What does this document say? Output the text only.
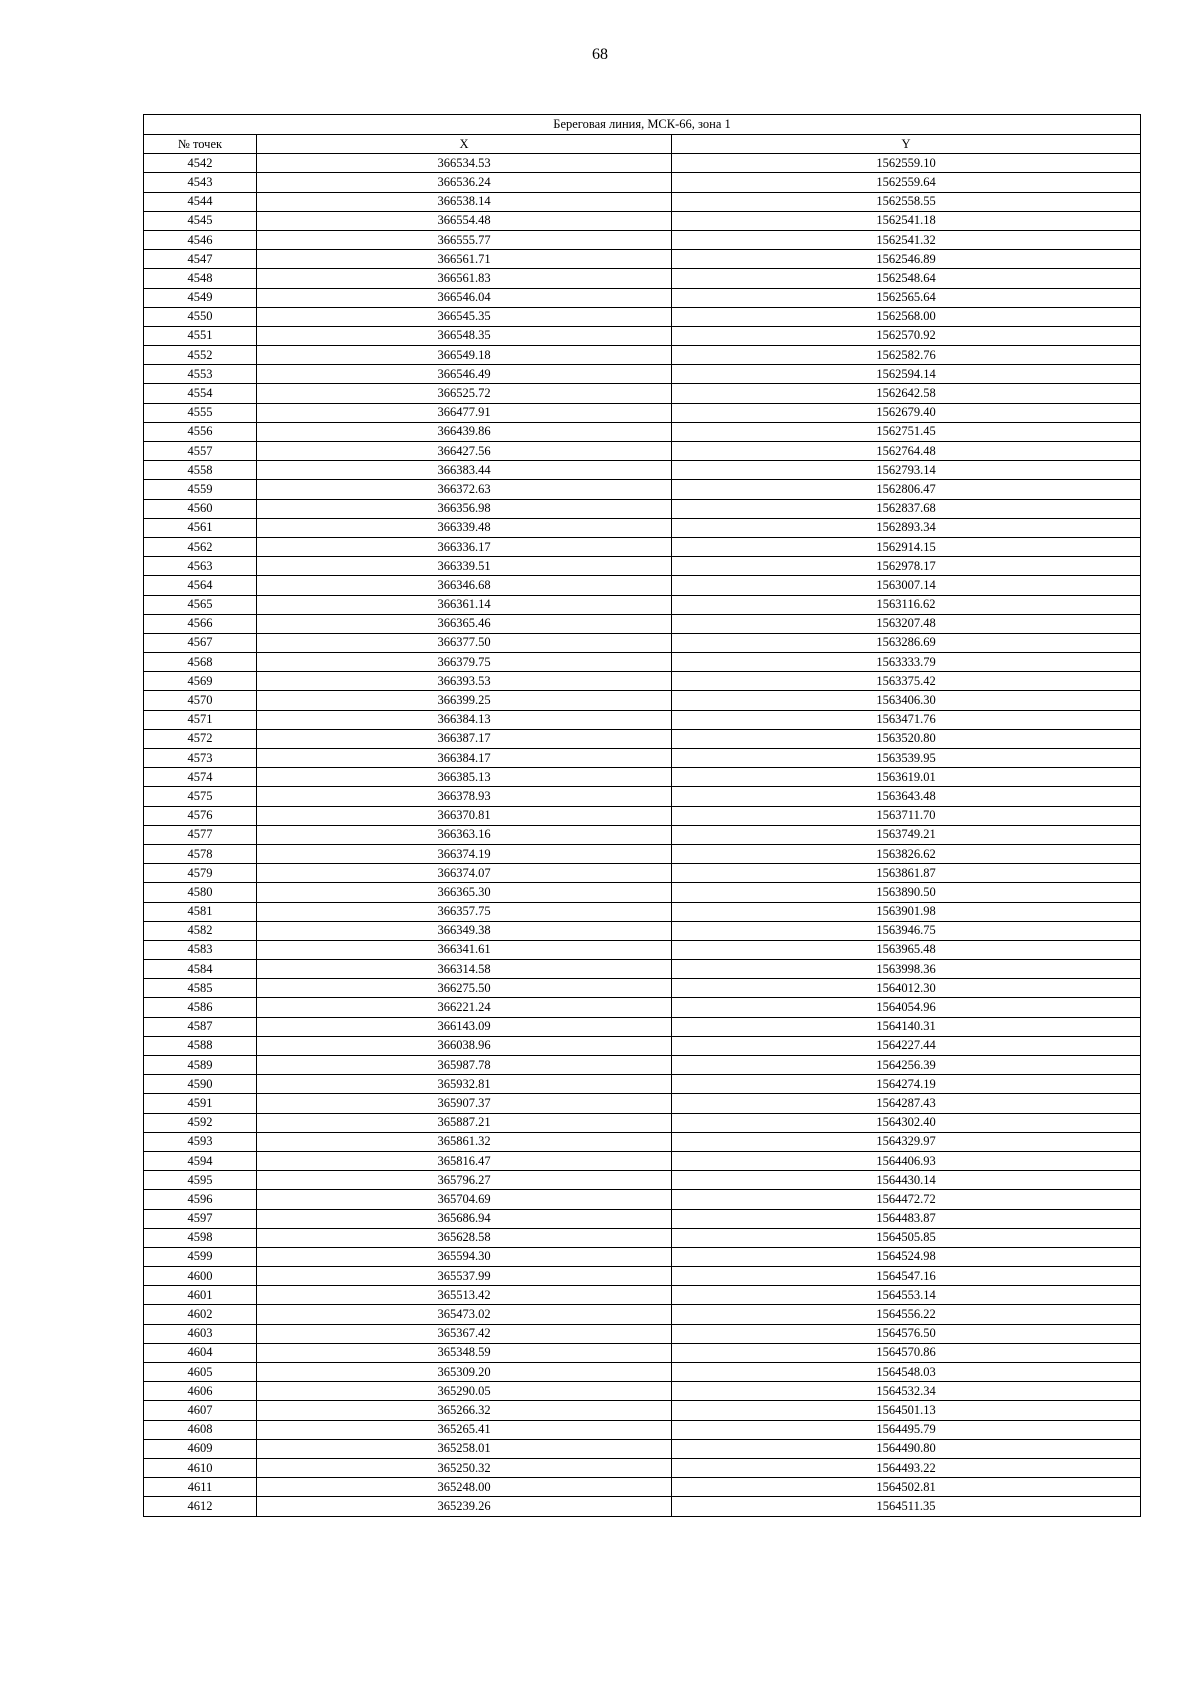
68
Береговая линия, МСК-66, зона 1		
№ точек	X	Y
4542	366534.53	1562559.10
4543	366536.24	1562559.64
4544	366538.14	1562558.55
4545	366554.48	1562541.18
4546	366555.77	1562541.32
4547	366561.71	1562546.89
4548	366561.83	1562548.64
4549	366546.04	1562565.64
4550	366545.35	1562568.00
4551	366548.35	1562570.92
4552	366549.18	1562582.76
4553	366546.49	1562594.14
4554	366525.72	1562642.58
4555	366477.91	1562679.40
4556	366439.86	1562751.45
4557	366427.56	1562764.48
4558	366383.44	1562793.14
4559	366372.63	1562806.47
4560	366356.98	1562837.68
4561	366339.48	1562893.34
4562	366336.17	1562914.15
4563	366339.51	1562978.17
4564	366346.68	1563007.14
4565	366361.14	1563116.62
4566	366365.46	1563207.48
4567	366377.50	1563286.69
4568	366379.75	1563333.79
4569	366393.53	1563375.42
4570	366399.25	1563406.30
4571	366384.13	1563471.76
4572	366387.17	1563520.80
4573	366384.17	1563539.95
4574	366385.13	1563619.01
4575	366378.93	1563643.48
4576	366370.81	1563711.70
4577	366363.16	1563749.21
4578	366374.19	1563826.62
4579	366374.07	1563861.87
4580	366365.30	1563890.50
4581	366357.75	1563901.98
4582	366349.38	1563946.75
4583	366341.61	1563965.48
4584	366314.58	1563998.36
4585	366275.50	1564012.30
4586	366221.24	1564054.96
4587	366143.09	1564140.31
4588	366038.96	1564227.44
4589	365987.78	1564256.39
4590	365932.81	1564274.19
4591	365907.37	1564287.43
4592	365887.21	1564302.40
4593	365861.32	1564329.97
4594	365816.47	1564406.93
4595	365796.27	1564430.14
4596	365704.69	1564472.72
4597	365686.94	1564483.87
4598	365628.58	1564505.85
4599	365594.30	1564524.98
4600	365537.99	1564547.16
4601	365513.42	1564553.14
4602	365473.02	1564556.22
4603	365367.42	1564576.50
4604	365348.59	1564570.86
4605	365309.20	1564548.03
4606	365290.05	1564532.34
4607	365266.32	1564501.13
4608	365265.41	1564495.79
4609	365258.01	1564490.80
4610	365250.32	1564493.22
4611	365248.00	1564502.81
4612	365239.26	1564511.35
